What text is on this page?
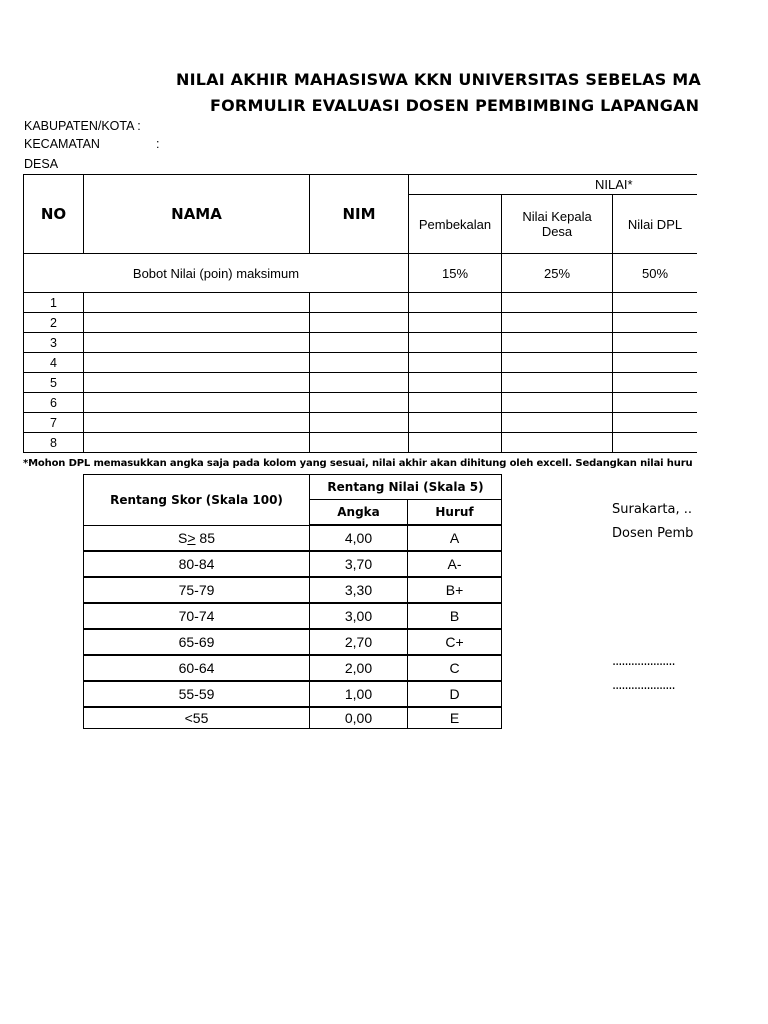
NILAI AKHIR MAHASISWA KKN UNIVERSITAS SEBELAS MA
FORMULIR EVALUASI DOSEN PEMBIMBING LAPANGAN
KABUPATEN/KOTA :
KECAMATAN	:
DESA
NO	NAMA	NIM	NILAI*			
			Pembekalan	Nilai Kepala Desa	Nilai DPL	
Bobot Nilai (poin) maksimum			15%	25%	50%	
1						
2						
3						
4						
5						
6						
7						
8						
*Mohon DPL memasukkan angka saja pada kolom yang sesuai, nilai akhir akan dihitung oleh excell. Sedangkan nilai huru
Rentang Skor (Skala 100)	Rentang Nilai (Skala 5)	
	Angka	Huruf
S> 85	4,00	A
80-84	3,70	A-
75-79	3,30	B+
70-74	3,00	B
65-69	2,70	C+
60-64	2,00	C
55-59	1,00	D
<55	0,00	E
Surakarta, ..
Dosen Pemb
....................
....................
